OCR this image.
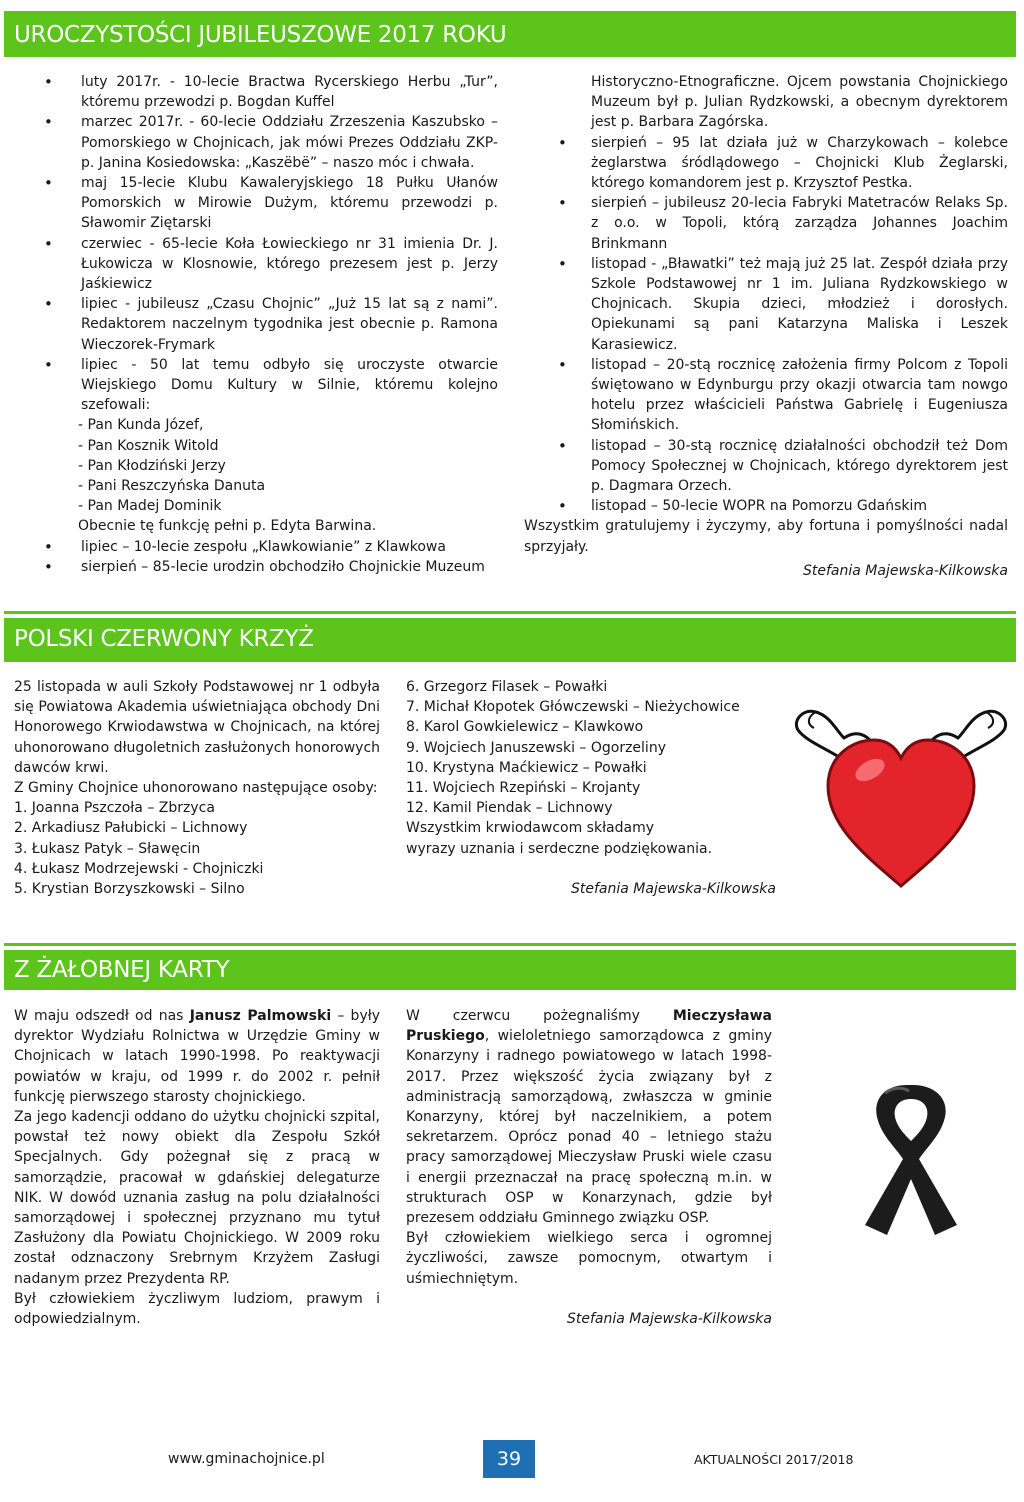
UROCZYSTOŚCI JUBILEUSZOWE 2017 ROKU
• luty 2017r. - 10-lecie Bractwa Rycerskiego Herbu „Tur”, któremu przewodzi p. Bogdan Kuffel
• marzec 2017r. - 60-lecie Oddziału Zrzeszenia Kaszubsko – Pomorskiego w Chojnicach, jak mówi Prezes Oddziału ZKP- p. Janina Kosiedowska: „Kaszëbë” – naszo móc i chwała.
• maj 15-lecie Klubu Kawaleryjskiego 18 Pułku Ułanów Pomorskich w Mirowie Dużym, któremu przewodzi p. Sławomir Ziętarski
• czerwiec - 65-lecie Koła Łowieckiego nr 31 imienia Dr. J. Łukowicza w Klosnowie, którego prezesem jest p. Jerzy Jaśkiewicz
• lipiec - jubileusz „Czasu Chojnic” „Już 15 lat są z nami”. Redaktorem naczelnym tygodnika jest obecnie p. Ramona Wieczorek-Frymark
• lipiec - 50 lat temu odbyło się uroczyste otwarcie Wiejskiego Domu Kultury w Silnie, któremu kolejno szefowali:
- Pan Kunda Józef,
- Pan Kosznik Witold
- Pan Kłodziński Jerzy
- Pani Reszczyńska Danuta
- Pan Madej Dominik
Obecnie tę funkcję pełni p. Edyta Barwina.
• lipiec – 10-lecie zespołu „Klawkowianie” z Klawkowa
• sierpień – 85-lecie urodzin obchodziło Chojnickie Muzeum
Historyczno-Etnograficzne. Ojcem powstania Chojnickiego Muzeum był p. Julian Rydzkowski, a obecnym dyrektorem jest p. Barbara Zagórska.
• sierpień – 95 lat działa już w Charzykowach – kolebce żeglarstwa śródlądowego – Chojnicki Klub Żeglarski, którego komandorem jest p. Krzysztof Pestka.
• sierpień – jubileusz 20-lecia Fabryki Matetraców Relaks Sp. z o.o. w Topoli, którą zarządza Johannes Joachim Brinkmann
• listopad - „Bławatki” też mają już 25 lat. Zespół działa przy Szkole Podstawowej nr 1 im. Juliana Rydzkowskiego w Chojnicach. Skupia dzieci, młodzież i dorosłych. Opiekunami są pani Katarzyna Maliska i Leszek Karasiewicz.
• listopad – 20-stą rocznicę założenia firmy Polcom z Topoli świętowano w Edynburgu przy okazji otwarcia tam nowgo hotelu przez właścicieli Państwa Gabrielę i Eugeniusza Słomińskich.
• listopad – 30-stą rocznicę działalności obchodził też Dom Pomocy Społecznej w Chojnicach, którego dyrektorem jest p. Dagmara Orzech.
• listopad – 50-lecie WOPR na Pomorzu Gdańskim
Wszystkim gratulujemy i życzymy, aby fortuna i pomyślności nadal sprzyjały.
Stefania Majewska-Kilkowska
POLSKI CZERWONY KRZYŻ
25 listopada w auli Szkoły Podstawowej nr 1 odbyła się Powiatowa Akademia uświetniająca obchody Dni Honorowego Krwiodawstwa w Chojnicach, na której uhonorowano długoletnich zasłużonych honorowych dawców krwi.
Z Gminy Chojnice uhonorowano następujące osoby:
1. Joanna Pszczoła – Zbrzyca
2. Arkadiusz Pałubicki – Lichnowy
3. Łukasz Patyk – Sławęcin
4. Łukasz Modrzejewski - Chojniczki
5. Krystian Borzyszkowski – Silno
6. Grzegorz Filasek – Powałki
7. Michał Kłopotek Główczewski – Nieżychowice
8. Karol Gowkielewicz – Klawkowo
9. Wojciech Januszewski – Ogorzeliny
10. Krystyna Maćkiewicz – Powałki
11. Wojciech Rzepiński – Krojanty
12. Kamil Piendak – Lichnowy
Wszystkim krwiodawcom składamy
wyrazy uznania i serdeczne podziękowania.
Stefania Majewska-Kilkowska
Z ŻAŁOBNEJ KARTY
W maju odszedł od nas Janusz Palmowski – były dyrektor Wydziału Rolnictwa w Urzędzie Gminy w Chojnicach w latach 1990-1998. Po reaktywacji powiatów w kraju, od 1999 r. do 2002 r. pełnił funkcję pierwszego starosty chojnickiego.
Za jego kadencji oddano do użytku chojnicki szpital, powstał też nowy obiekt dla Zespołu Szkół Specjalnych. Gdy pożegnał się z pracą w samorządzie, pracował w gdańskiej delegaturze NIK. W dowód uznania zasług na polu działalności samorządowej i społecznej przyznano mu tytuł Zasłużony dla Powiatu Chojnickiego. W 2009 roku został odznaczony Srebrnym Krzyżem Zasługi nadanym przez Prezydenta RP.
Był człowiekiem życzliwym ludziom, prawym i odpowiedzialnym.
W czerwcu pożegnaliśmy Mieczysława Pruskiego, wieloletniego samorządowca z gminy Konarzyny i radnego powiatowego w latach 1998-2017. Przez większość życia związany był z administracją samorządową, zwłaszcza w gminie Konarzyny, której był naczelnikiem, a potem sekretarzem. Oprócz ponad 40 – letniego stażu pracy samorządowej Mieczysław Pruski wiele czasu i energii przeznaczał na pracę społeczną m.in. w strukturach OSP w Konarzynach, gdzie był prezesem oddziału Gminnego związku OSP.
Był człowiekiem wielkiego serca i ogromnej życzliwości, zawsze pomocnym, otwartym i uśmiechniętym.
Stefania Majewska-Kilkowska
www.gminachojnice.pl	39	AKTUALNOŚCI 2017/2018
